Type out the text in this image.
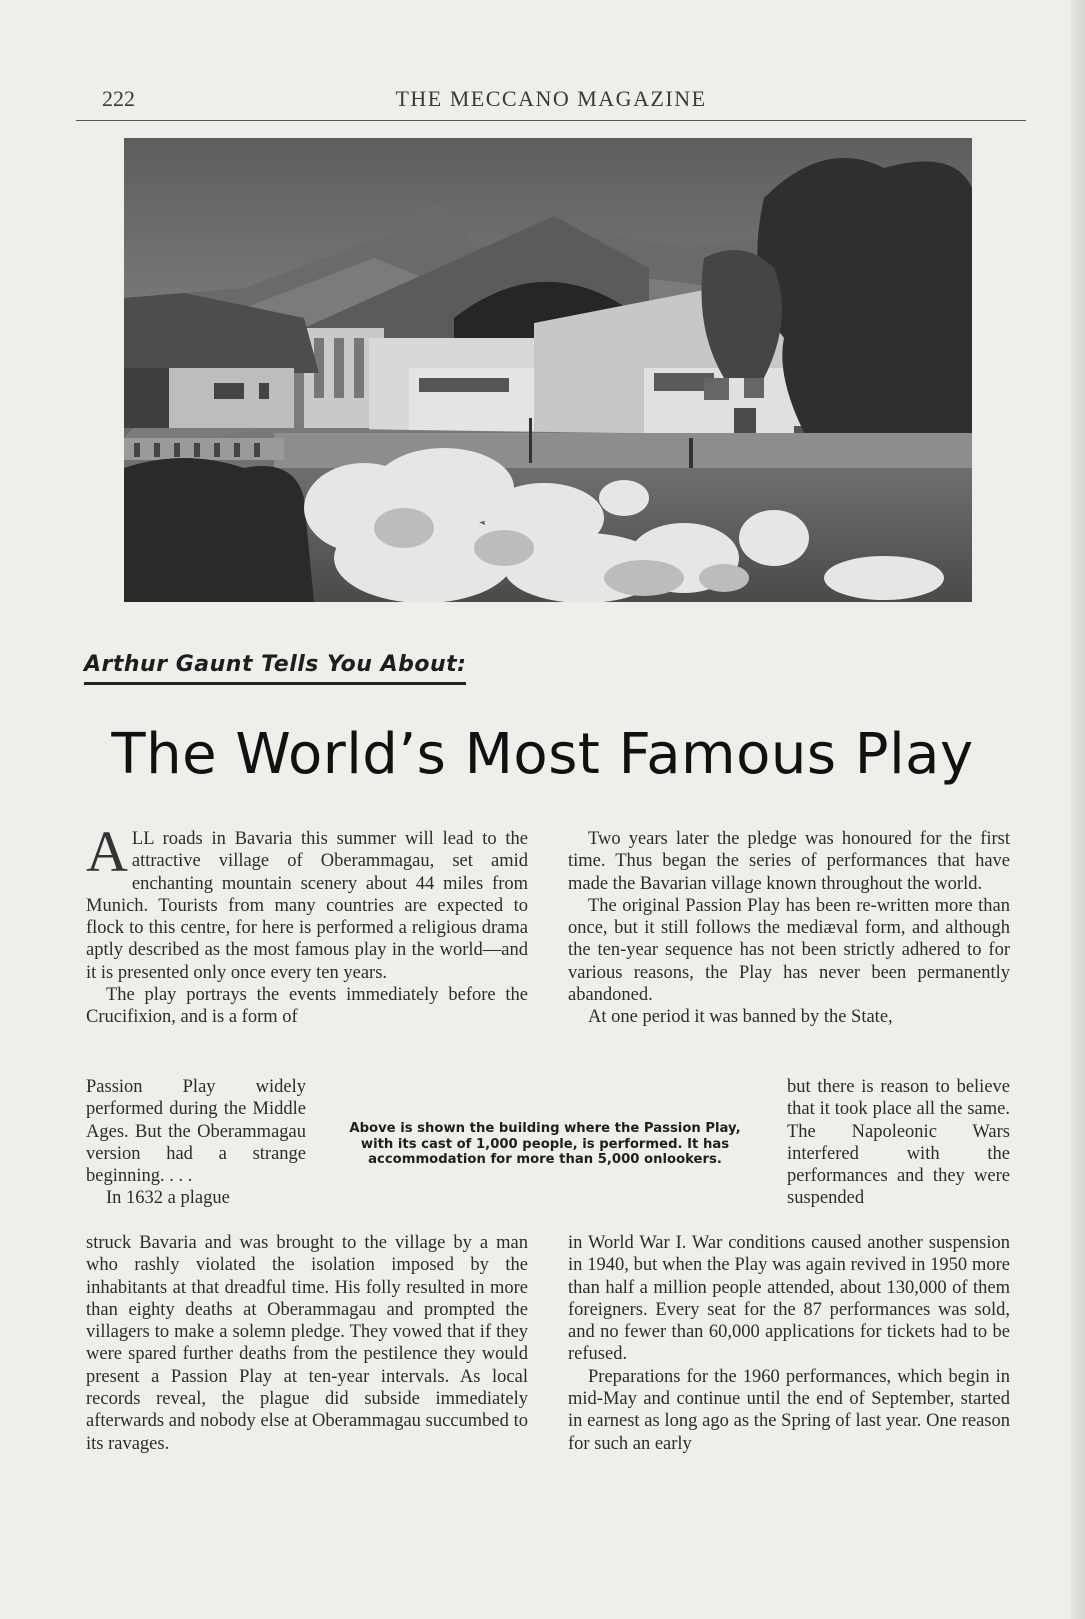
222	THE MECCANO MAGAZINE
Arthur Gaunt Tells You About:
The World’s Most Famous Play

ALL roads in Bavaria this summer will lead to the attractive village of Oberammagau, set amid enchanting mountain scenery about 44 miles from Munich. Tourists from many countries are expected to flock to this centre, for here is performed a religious drama aptly described as the most famous play in the world—and it is presented only once every ten years.

The play portrays the events immediately before the Crucifixion, and is a form of

Passion Play widely performed during the Middle Ages. But the Oberammagau version had a strange beginning. . . .

In 1632 a plague

Above is shown the building where the Passion Play, with its cast of 1,000 people, is performed. It has accommodation for more than 5,000 onlookers.

struck Bavaria and was brought to the village by a man who rashly violated the isolation imposed by the inhabitants at that dreadful time. His folly resulted in more than eighty deaths at Oberammagau and prompted the villagers to make a solemn pledge. They vowed that if they were spared further deaths from the pestilence they would present a Passion Play at ten-year intervals. As local records reveal, the plague did subside immediately afterwards and nobody else at Oberammagau succumbed to its ravages.

Two years later the pledge was honoured for the first time. Thus began the series of performances that have made the Bavarian village known throughout the world.

The original Passion Play has been re-written more than once, but it still follows the mediæval form, and although the ten-year sequence has not been strictly adhered to for various reasons, the Play has never been permanently abandoned.

At one period it was banned by the State,

but there is reason to believe that it took place all the same. The Napoleonic Wars interfered with the performances and they were suspended

in World War I. War conditions caused another suspension in 1940, but when the Play was again revived in 1950 more than half a million people attended, about 130,000 of them foreigners. Every seat for the 87 performances was sold, and no fewer than 60,000 applications for tickets had to be refused.

Preparations for the 1960 performances, which begin in mid-May and continue until the end of September, started in earnest as long ago as the Spring of last year. One reason for such an early
